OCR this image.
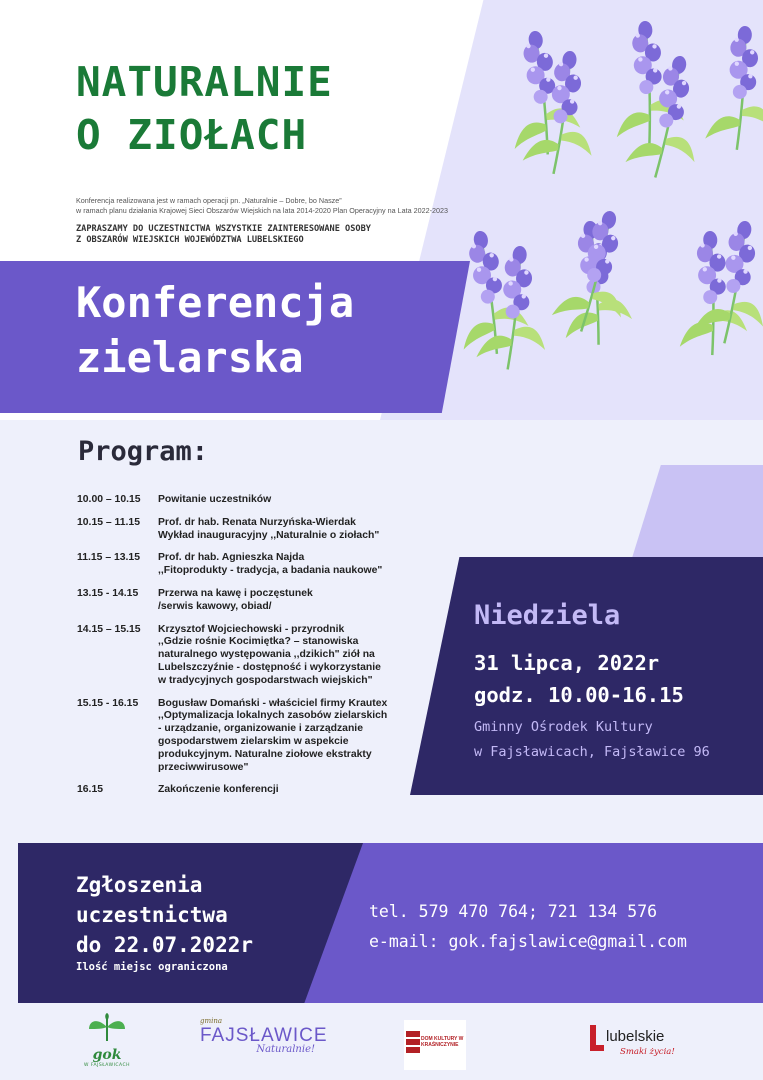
NATURALNIE
O ZIOŁACH
Konferencja realizowana jest w ramach operacji pn. „Naturalnie – Dobre, bo Nasze”
w ramach planu działania Krajowej Sieci Obszarów Wiejskich na lata 2014-2020 Plan Operacyjny na Lata 2022-2023
ZAPRASZAMY DO UCZESTNICTWA WSZYSTKIE ZAINTERESOWANE OSOBY
Z OBSZARÓW WIEJSKICH WOJEWÓDZTWA LUBELSKIEGO
Konferencja
zielarska
Program:
10.00 – 10.15	Powitanie uczestników
10.15 – 11.15	Prof. dr hab. Renata Nurzyńska-Wierdak
Wykład inauguracyjny ,,Naturalnie o ziołach"
11.15 – 13.15	Prof. dr hab. Agnieszka Najda
,,Fitoprodukty - tradycja, a badania naukowe"
13.15 - 14.15	Przerwa na kawę i poczęstunek
/serwis kawowy, obiad/
14.15 – 15.15	Krzysztof Wojciechowski - przyrodnik
,,Gdzie rośnie Kocimiętka? – stanowiska
naturalnego występowania ,,dzikich" ziół na
Lubelszczyźnie - dostępność i wykorzystanie
w tradycyjnych gospodarstwach wiejskich"
15.15 - 16.15	Bogusław Domański - właściciel firmy Krautex
,,Optymalizacja lokalnych zasobów zielarskich
- urządzanie, organizowanie i zarządzanie
gospodarstwem zielarskim w aspekcie
produkcyjnym. Naturalne ziołowe ekstrakty
przeciwwirusowe"
16.15	Zakończenie konferencji
Niedziela
31 lipca, 2022r
godz. 10.00-16.15
Gminny Ośrodek Kultury
w Fajsławicach, Fajsławice 96
Zgłoszenia
uczestnictwa
do 22.07.2022r
Ilość miejsc ograniczona
tel. 579 470 764; 721 134 576
e-mail: gok.fajslawice@gmail.com
gok
W FAJSŁAWICACH
gmina
FAJSŁAWICE
Naturalnie!
DOM KULTURY W KRAŚNICZYNIE	lubelskie
Smaki życia!
